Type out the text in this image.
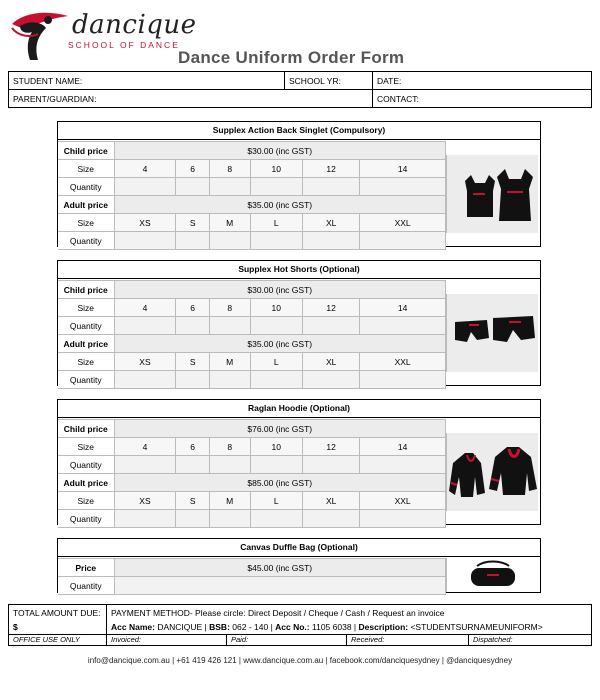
dancique
SCHOOL OF DANCE
Dance Uniform Order Form
STUDENT NAME:	SCHOOL YR:	DATE:
PARENT/GUARDIAN:		CONTACT:
Supplex Action Back Singlet (Compulsory)
Child price	$30.00 (inc GST)					
Size	4	6	8	10	12	14
Quantity						
Adult price	$35.00 (inc GST)					
Size	XS	S	M	L	XL	XXL
Quantity						
Supplex Hot Shorts (Optional)
Child price	$30.00 (inc GST)					
Size	4	6	8	10	12	14
Quantity						
Adult price	$35.00 (inc GST)					
Size	XS	S	M	L	XL	XXL
Quantity						
Raglan Hoodie (Optional)
Child price	$76.00 (inc GST)					
Size	4	6	8	10	12	14
Quantity						
Adult price	$85.00 (inc GST)					
Size	XS	S	M	L	XL	XXL
Quantity						
Canvas Duffle Bag (Optional)
Price	$45.00 (inc GST)
Quantity	
TOTAL AMOUNT DUE:	PAYMENT METHOD- Please circle: Direct Deposit / Cheque / Cash / Request an invoice			
$	Acc Name: DANCIQUE | BSB: 062 - 140 | Acc No.: 1105 6038 | Description: <STUDENTSURNAMEUNIFORM>			
OFFICE USE ONLY	Invoiced:	Paid:	Received:	Dispatched:
info@dancique.com.au | +61 419 426 121 | www.dancique.com.au | facebook.com/danciquesydney | @danciquesydney
